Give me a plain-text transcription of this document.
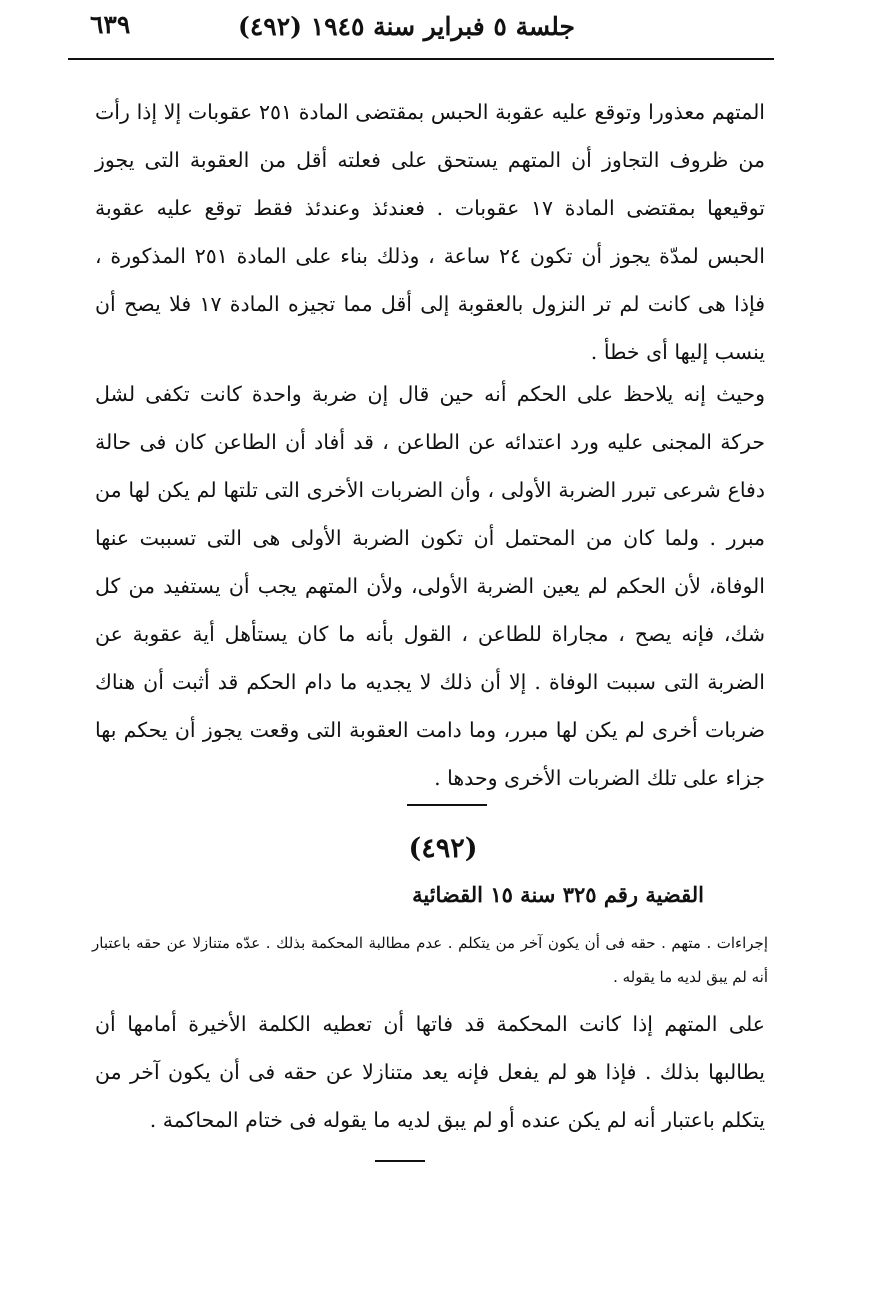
جلسة ٥ فبراير سنة ١٩٤٥ (٤٩٢)
٦٣٩

المتهم معذورا وتوقع عليه عقوبة الحبس بمقتضى المادة ٢٥١ عقوبات إلا إذا رأت من ظروف التجاوز أن المتهم يستحق على فعلته أقل من العقوبة التى يجوز توقيعها بمقتضى المادة ١٧ عقوبات . فعندئذ وعندئذ فقط توقع عليه عقوبة الحبس لمدّة يجوز أن تكون ٢٤ ساعة ، وذلك بناء على المادة ٢٥١ المذكورة ، فإذا هى كانت لم تر النزول بالعقوبة إلى أقل مما تجيزه المادة ١٧ فلا يصح أن ينسب إليها أى خطأ .

وحيث إنه يلاحظ على الحكم أنه حين قال إن ضربة واحدة كانت تكفى لشل حركة المجنى عليه ورد اعتدائه عن الطاعن ، قد أفاد أن الطاعن كان فى حالة دفاع شرعى تبرر الضربة الأولى ، وأن الضربات الأخرى التى تلتها لم يكن لها من مبرر . ولما كان من المحتمل أن تكون الضربة الأولى هى التى تسببت عنها الوفاة، لأن الحكم لم يعين الضربة الأولى، ولأن المتهم يجب أن يستفيد من كل شك، فإنه يصح ، مجاراة للطاعن ، القول بأنه ما كان يستأهل أية عقوبة عن الضربة التى سببت الوفاة . إلا أن ذلك لا يجديه ما دام الحكم قد أثبت أن هناك ضربات أخرى لم يكن لها مبرر، وما دامت العقوبة التى وقعت يجوز أن يحكم بها جزاء على تلك الضربات الأخرى وحدها .

(٤٩٢)
القضية رقم ٣٢٥ سنة ١٥ القضائية

إجراءات . متهم . حقه فى أن يكون آخر من يتكلم . عدم مطالبة المحكمة بذلك . عدّه متنازلا عن حقه باعتبار أنه لم يبق لديه ما يقوله .

على المتهم إذا كانت المحكمة قد فاتها أن تعطيه الكلمة الأخيرة أمامها أن يطالبها بذلك . فإذا هو لم يفعل فإنه يعد متنازلا عن حقه فى أن يكون آخر من يتكلم باعتبار أنه لم يكن عنده أو لم يبق لديه ما يقوله فى ختام المحاكمة .
